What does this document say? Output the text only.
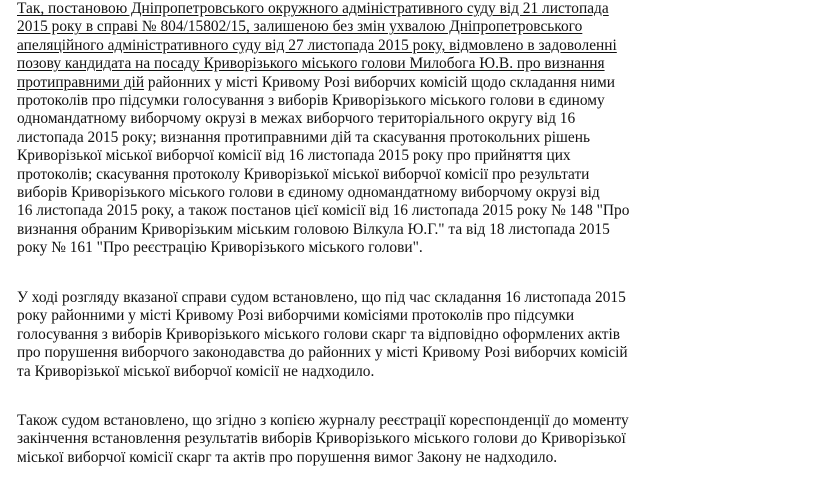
Так, постановою Дніпропетровського окружного адміністративного суду від 21 листопада
2015 року в справі № 804/15802/15, залишеною без змін ухвалою Дніпропетровського
апеляційного адміністративного суду від 27 листопада 2015 року, відмовлено в задоволенні
позову кандидата на посаду Криворізького міського голови Милобога Ю.В. про визнання
протиправними дій районних у місті Кривому Розі виборчих комісій щодо складання ними
протоколів про підсумки голосування з виборів Криворізького міського голови в єдиному
одномандатному виборчому окрузі в межах виборчого територіального округу від 16
листопада 2015 року; визнання протиправними дій та скасування протокольних рішень
Криворізької міської виборчої комісії від 16 листопада 2015 року про прийняття цих
протоколів; скасування протоколу Криворізької міської виборчої комісії про результати
виборів Криворізького міського голови в єдиному одномандатному виборчому окрузі від
16 листопада 2015 року, а також постанов цієї комісії від 16 листопада 2015 року № 148 "Про
визнання обраним Криворізьким міським головою Вілкула Ю.Г." та від 18 листопада 2015
року № 161 "Про реєстрацію Криворізького міського голови".

У ході розгляду вказаної справи судом встановлено, що під час складання 16 листопада 2015
року районними у місті Кривому Розі виборчими комісіями протоколів про підсумки
голосування з виборів Криворізького міського голови скарг та відповідно оформлених актів
про порушення виборчого законодавства до районних у місті Кривому Розі виборчих комісій
та Криворізької міської виборчої комісії не надходило.

Також судом встановлено, що згідно з копією журналу реєстрації кореспонденції до моменту
закінчення встановлення результатів виборів Криворізького міського голови до Криворізької
міської виборчої комісії скарг та актів про порушення вимог Закону не надходило.
